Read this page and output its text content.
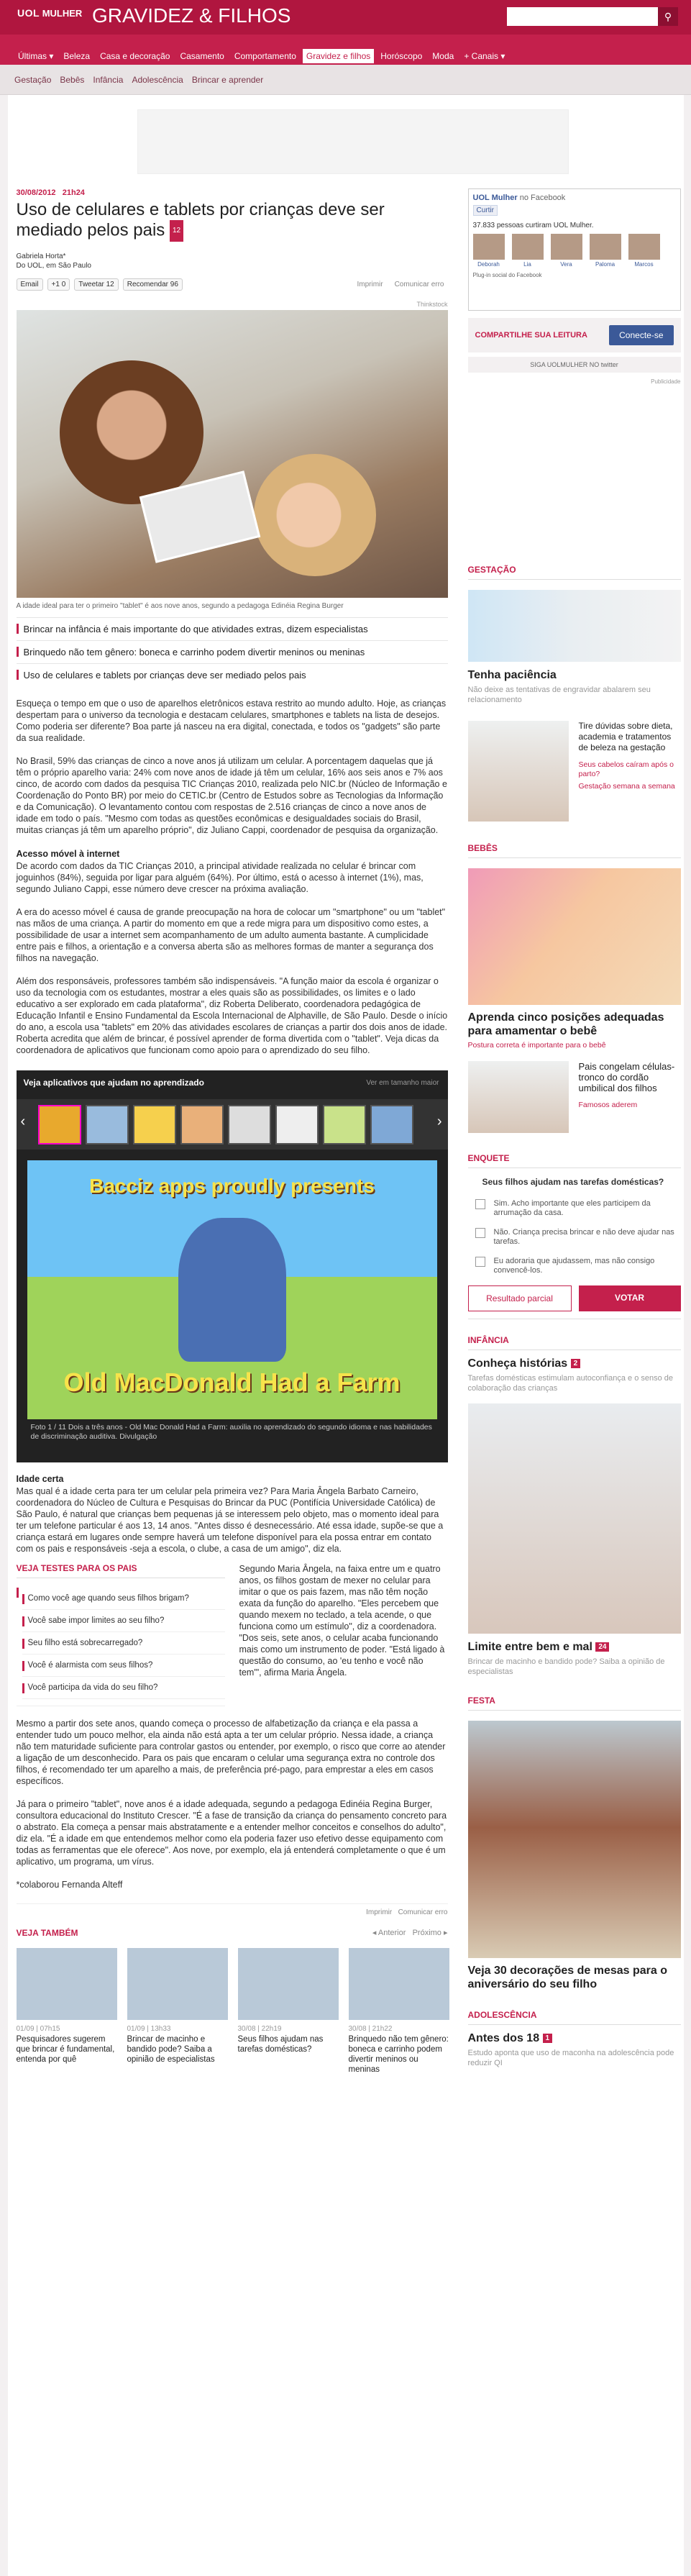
UOL MULHER GRAVIDEZ & FILHOS	⚲
Últimas ▾	Beleza	Casa e decoração	Casamento	Comportamento	Gravidez e filhos	Horóscopo	Moda	+ Canais ▾
Gestação Bebês Infância Adolescência Brincar e aprender
30/08/2012 21h24
Uso de celulares e tablets por crianças deve ser mediado pelos pais 12
Gabriela Horta*
Do UOL, em São Paulo
Email	+1 0	Tweetar 12	Recomendar 96	Imprimir	Comunicar erro
Thinkstock
A idade ideal para ter o primeiro "tablet" é aos nove anos, segundo a pedagoga Edinéia Regina Burger
Brincar na infância é mais importante do que atividades extras, dizem especialistas
Brinquedo não tem gênero: boneca e carrinho podem divertir meninos ou meninas
Uso de celulares e tablets por crianças deve ser mediado pelos pais

Esqueça o tempo em que o uso de aparelhos eletrônicos estava restrito ao mundo adulto. Hoje, as crianças despertam para o universo da tecnologia e destacam celulares, smartphones e tablets na lista de desejos. Como poderia ser diferente? Boa parte já nasceu na era digital, conectada, e todos os "gadgets" são parte da sua realidade.

No Brasil, 59% das crianças de cinco a nove anos já utilizam um celular. A porcentagem daquelas que já têm o próprio aparelho varia: 24% com nove anos de idade já têm um celular, 16% aos seis anos e 7% aos cinco, de acordo com dados da pesquisa TIC Crianças 2010, realizada pelo NIC.br (Núcleo de Informação e Coordenação do Ponto BR) por meio do CETIC.br (Centro de Estudos sobre as Tecnologias da Informação e da Comunicação). O levantamento contou com respostas de 2.516 crianças de cinco a nove anos de idade em todo o país. "Mesmo com todas as questões econômicas e desigualdades sociais do Brasil, muitas crianças já têm um aparelho próprio", diz Juliano Cappi, coordenador de pesquisa da organização.

Acesso móvel à internet

De acordo com dados da TIC Crianças 2010, a principal atividade realizada no celular é brincar com joguinhos (84%), seguida por ligar para alguém (64%). Por último, está o acesso à internet (1%), mas, segundo Juliano Cappi, esse número deve crescer na próxima avaliação.

A era do acesso móvel é causa de grande preocupação na hora de colocar um "smartphone" ou um "tablet" nas mãos de uma criança. A partir do momento em que a rede migra para um dispositivo como estes, a possibilidade de usar a internet sem acompanhamento de um adulto aumenta bastante. A cumplicidade entre pais e filhos, a orientação e a conversa aberta são as melhores formas de manter a segurança dos filhos na navegação.

Além dos responsáveis, professores também são indispensáveis. "A função maior da escola é organizar o uso da tecnologia com os estudantes, mostrar a eles quais são as possibilidades, os limites e o lado educativo a ser explorado em cada plataforma", diz Roberta Deliberato, coordenadora pedagógica de Educação Infantil e Ensino Fundamental da Escola Internacional de Alphaville, de São Paulo. Desde o início do ano, a escola usa "tablets" em 20% das atividades escolares de crianças a partir dos dois anos de idade. Roberta acredita que além de brincar, é possível aprender de forma divertida com o "tablet". Veja dicas da coordenadora de aplicativos que funcionam como apoio para o aprendizado do seu filho.

Veja aplicativos que ajudam no aprendizado	Ver em tamanho maior
‹	›
Bacciz apps proudly presents
Old MacDonald Had a Farm
Foto 1 / 11 Dois a três anos - Old Mac Donald Had a Farm: auxilia no aprendizado do segundo idioma e nas habilidades de discriminação auditiva. Divulgação
Idade certa

Mas qual é a idade certa para ter um celular pela primeira vez? Para Maria Ângela Barbato Carneiro, coordenadora do Núcleo de Cultura e Pesquisas do Brincar da PUC (Pontifícia Universidade Católica) de São Paulo, é natural que crianças bem pequenas já se interessem pelo objeto, mas o momento ideal para ter um telefone particular é aos 13, 14 anos. "Antes disso é desnecessário. Até essa idade, supõe-se que a criança estará em lugares onde sempre haverá um telefone disponível para ela possa entrar em contato com os pais e responsáveis -seja a escola, o clube, a casa de um amigo", diz ela.

VEJA TESTES PARA OS PAIS
Como você age quando seus filhos brigam?
Você sabe impor limites ao seu filho?
Seu filho está sobrecarregado?
Você é alarmista com seus filhos?
Você participa da vida do seu filho?
Segundo Maria Ângela, na faixa entre um e quatro anos, os filhos gostam de mexer no celular para imitar o que os pais fazem, mas não têm noção exata da função do aparelho. "Eles percebem que quando mexem no teclado, a tela acende, o que funciona como um estímulo", diz a coordenadora. "Dos seis, sete anos, o celular acaba funcionando mais como um instrumento de poder. "Está ligado à questão do consumo, ao 'eu tenho e você não tem'", afirma Maria Ângela.

Mesmo a partir dos sete anos, quando começa o processo de alfabetização da criança e ela passa a entender tudo um pouco melhor, ela ainda não está apta a ter um celular próprio. Nessa idade, a criança não tem maturidade suficiente para controlar gastos ou entender, por exemplo, o risco que corre ao atender a ligação de um desconhecido. Para os pais que encaram o celular uma segurança extra no controle dos filhos, é recomendado ter um aparelho a mais, de preferência pré-pago, para emprestar a eles em casos específicos.

Já para o primeiro "tablet", nove anos é a idade adequada, segundo a pedagoga Edinéia Regina Burger, consultora educacional do Instituto Crescer. "É a fase de transição da criança do pensamento concreto para o abstrato. Ela começa a pensar mais abstratamente e a entender melhor conceitos e conselhos do adulto", diz ela. "É a idade em que entendemos melhor como ela poderia fazer uso efetivo desse equipamento com todas as ferramentas que ele oferece". Aos nove, por exemplo, ela já entenderá completamente o que é um aplicativo, um programa, um vírus.

*colaborou Fernanda Alteff

Imprimir Comunicar erro
VEJA TAMBÉM	◂ Anterior Próximo ▸
01/09 | 07h15
Pesquisadores sugerem que brincar é fundamental, entenda por quê
01/09 | 13h33
Brincar de macinho e bandido pode? Saiba a opinião de especialistas
30/08 | 22h19
Seus filhos ajudam nas tarefas domésticas?
30/08 | 21h22
Brinquedo não tem gênero: boneca e carrinho podem divertir meninos ou meninas
UOL Mulher no Facebook
Curtir
37.833 pessoas curtiram UOL Mulher.
Deborah	Lia	Vera	Paloma	Marcos
Plug-in social do Facebook
COMPARTILHE SUA LEITURA	Conecte-se
SIGA UOLMULHER NO twitter
Publicidade
GESTAÇÃO
Tenha paciência
Não deixe as tentativas de engravidar abalarem seu relacionamento
Tire dúvidas sobre dieta, academia e tratamentos de beleza na gestação
Seus cabelos caíram após o parto?
Gestação semana a semana
BEBÊS
Aprenda cinco posições adequadas para amamentar o bebê
Postura correta é importante para o bebê
Pais congelam células-tronco do cordão umbilical dos filhos
Famosos aderem
ENQUETE
Seus filhos ajudam nas tarefas domésticas?
Sim. Acho importante que eles participem da arrumação da casa.
Não. Criança precisa brincar e não deve ajudar nas tarefas.
Eu adoraria que ajudassem, mas não consigo convencê-los.
Resultado parcial	VOTAR
INFÂNCIA
Conheça histórias 2
Tarefas domésticas estimulam autoconfiança e o senso de colaboração das crianças
Limite entre bem e mal 24
Brincar de macinho e bandido pode? Saiba a opinião de especialistas
FESTA
Veja 30 decorações de mesas para o aniversário do seu filho
ADOLESCÊNCIA
Antes dos 18 1
Estudo aponta que uso de maconha na adolescência pode reduzir QI
